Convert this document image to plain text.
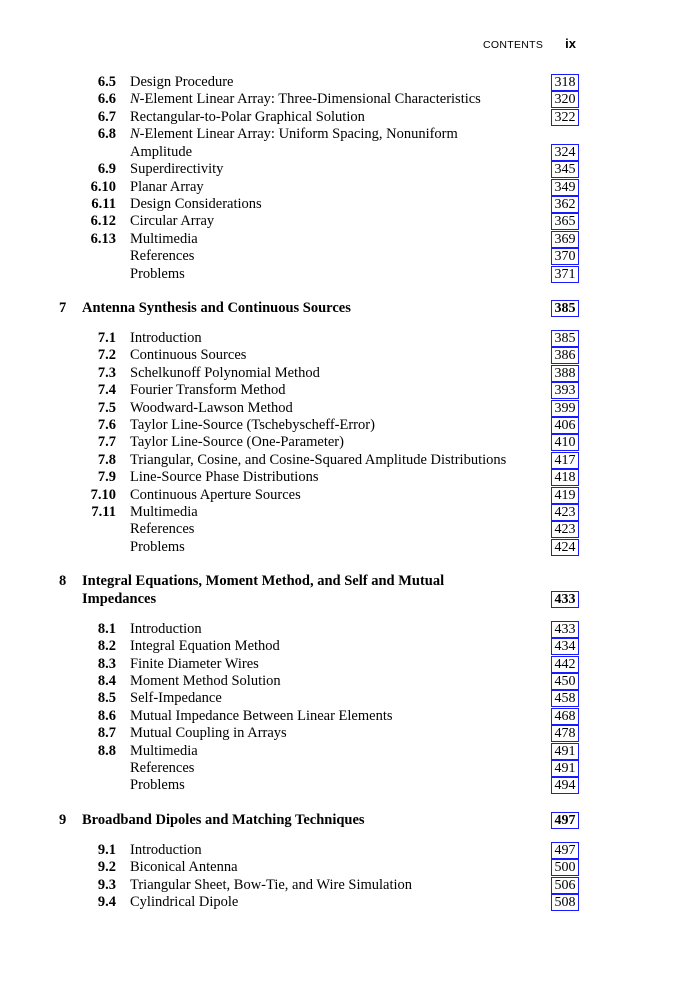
CONTENTS ix
6.5 Design Procedure	318
6.6 N-Element Linear Array: Three-Dimensional Characteristics	320
6.7 Rectangular-to-Polar Graphical Solution	322
6.8 N-Element Linear Array: Uniform Spacing, Nonuniform
Amplitude	324
6.9 Superdirectivity	345
6.10 Planar Array	349
6.11 Design Considerations	362
6.12 Circular Array	365
6.13 Multimedia	369
References	370
Problems	371
7 Antenna Synthesis and Continuous Sources	385
7.1 Introduction	385
7.2 Continuous Sources	386
7.3 Schelkunoff Polynomial Method	388
7.4 Fourier Transform Method	393
7.5 Woodward-Lawson Method	399
7.6 Taylor Line-Source (Tschebyscheff-Error)	406
7.7 Taylor Line-Source (One-Parameter)	410
7.8 Triangular, Cosine, and Cosine-Squared Amplitude Distributions	417
7.9 Line-Source Phase Distributions	418
7.10 Continuous Aperture Sources	419
7.11 Multimedia	423
References	423
Problems	424
8 Integral Equations, Moment Method, and Self and Mutual
Impedances	433
8.1 Introduction	433
8.2 Integral Equation Method	434
8.3 Finite Diameter Wires	442
8.4 Moment Method Solution	450
8.5 Self-Impedance	458
8.6 Mutual Impedance Between Linear Elements	468
8.7 Mutual Coupling in Arrays	478
8.8 Multimedia	491
References	491
Problems	494
9 Broadband Dipoles and Matching Techniques	497
9.1 Introduction	497
9.2 Biconical Antenna	500
9.3 Triangular Sheet, Bow-Tie, and Wire Simulation	506
9.4 Cylindrical Dipole	508
